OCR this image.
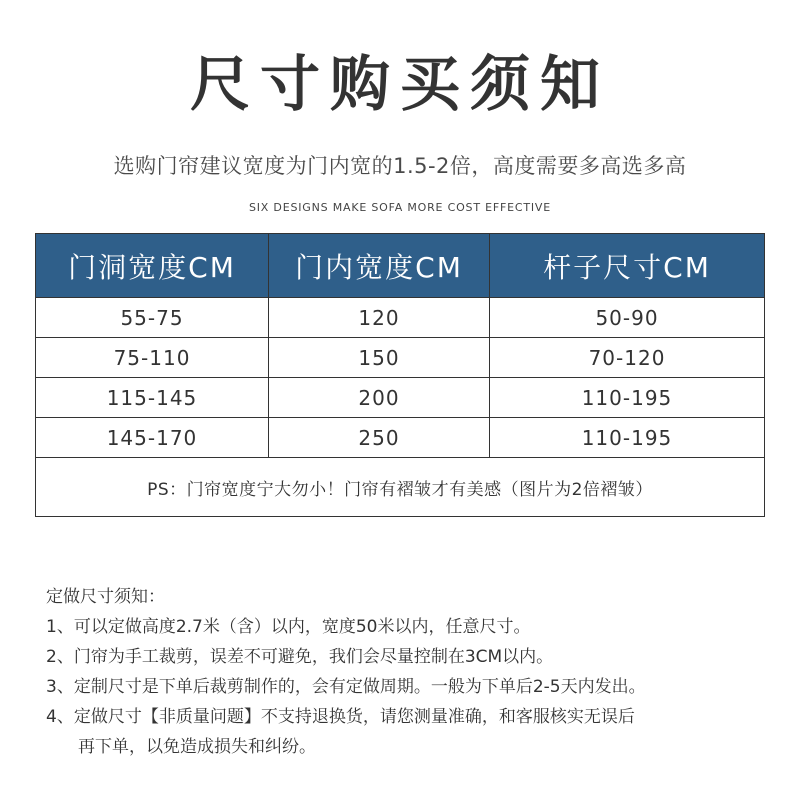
尺寸购买须知
选购门帘建议宽度为门内宽的1.5-2倍，高度需要多高选多高
SIX DESIGNS MAKE SOFA MORE COST EFFECTIVE
门洞宽度CM	门内宽度CM	杆子尺寸CM
55-75	120	50-90
75-110	150	70-120
115-145	200	110-195
145-170	250	110-195
PS：门帘宽度宁大勿小！门帘有褶皱才有美感（图片为2倍褶皱）		
定做尺寸须知：
1、可以定做高度2.7米（含）以内，宽度50米以内，任意尺寸。
2、门帘为手工裁剪，误差不可避免，我们会尽量控制在3CM以内。
3、定制尺寸是下单后裁剪制作的，会有定做周期。一般为下单后2-5天内发出。
4、定做尺寸【非质量问题】不支持退换货，请您测量准确，和客服核实无误后
再下单，以免造成损失和纠纷。
